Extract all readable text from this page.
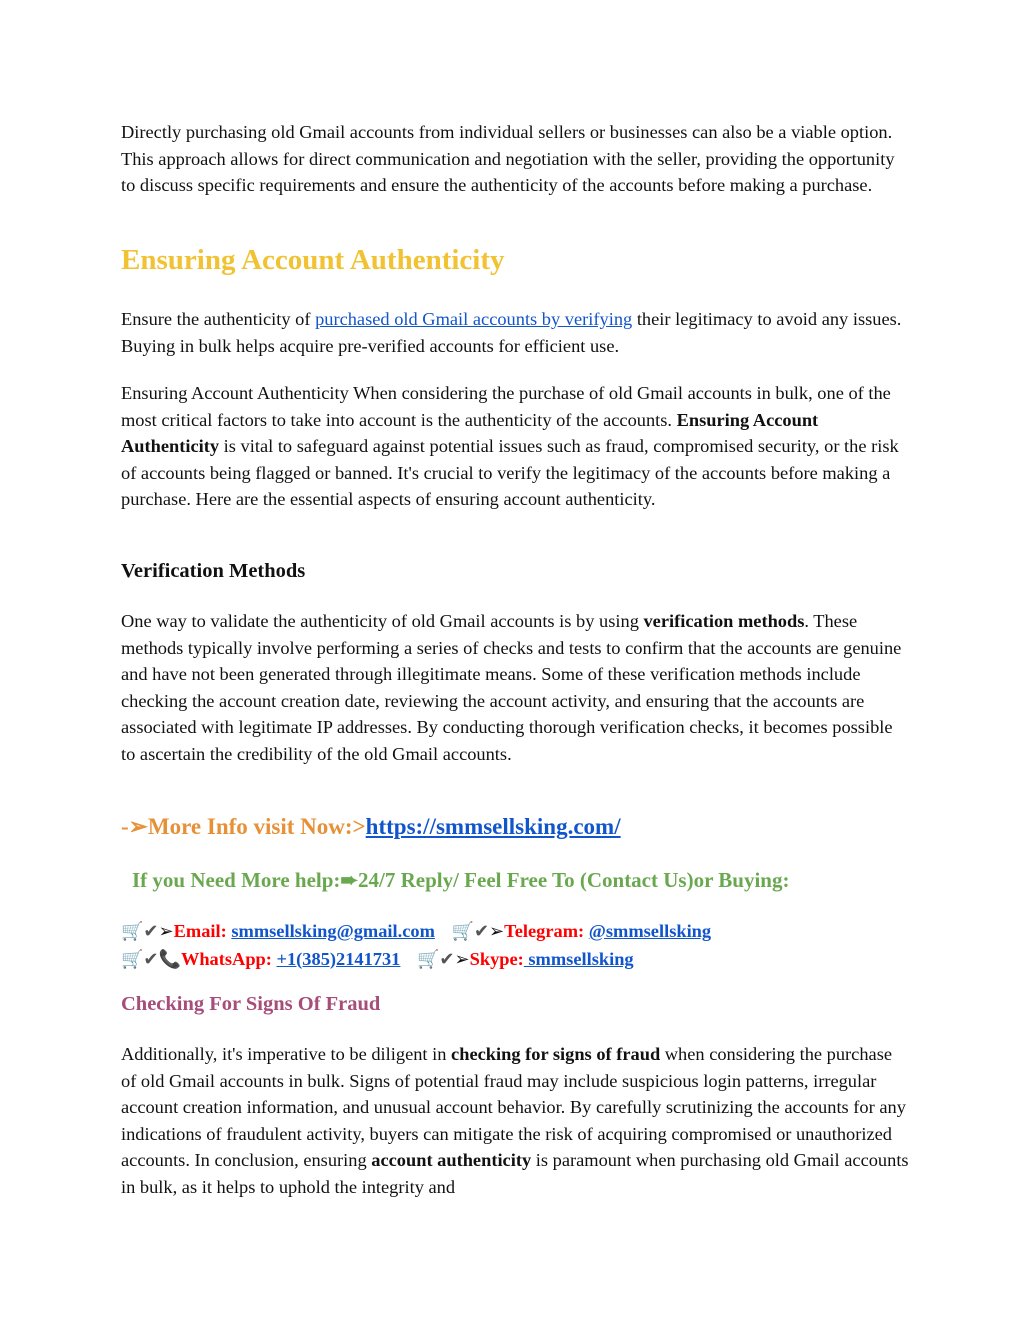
Directly purchasing old Gmail accounts from individual sellers or businesses can also be a viable option. This approach allows for direct communication and negotiation with the seller, providing the opportunity to discuss specific requirements and ensure the authenticity of the accounts before making a purchase.

Ensuring Account Authenticity

Ensure the authenticity of purchased old Gmail accounts by verifying their legitimacy to avoid any issues. Buying in bulk helps acquire pre-verified accounts for efficient use.

Ensuring Account Authenticity When considering the purchase of old Gmail accounts in bulk, one of the most critical factors to take into account is the authenticity of the accounts. Ensuring Account Authenticity is vital to safeguard against potential issues such as fraud, compromised security, or the risk of accounts being flagged or banned. It's crucial to verify the legitimacy of the accounts before making a purchase. Here are the essential aspects of ensuring account authenticity.

Verification Methods

One way to validate the authenticity of old Gmail accounts is by using verification methods. These methods typically involve performing a series of checks and tests to confirm that the accounts are genuine and have not been generated through illegitimate means. Some of these verification methods include checking the account creation date, reviewing the account activity, and ensuring that the accounts are associated with legitimate IP addresses. By conducting thorough verification checks, it becomes possible to ascertain the credibility of the old Gmail accounts.

-➢More Info visit Now:>https://smmsellsking.com/

If you Need More help:➨24/7 Reply/ Feel Free To (Contact Us)or Buying:

🛒✔➢Email: smmsellsking@gmail.com 🛒✔➢Telegram: @smmsellsking
🛒✔📞WhatsApp: +1(385)2141731 🛒✔➢Skype: smmsellsking
Checking For Signs Of Fraud

Additionally, it's imperative to be diligent in checking for signs of fraud when considering the purchase of old Gmail accounts in bulk. Signs of potential fraud may include suspicious login patterns, irregular account creation information, and unusual account behavior. By carefully scrutinizing the accounts for any indications of fraudulent activity, buyers can mitigate the risk of acquiring compromised or unauthorized accounts. In conclusion, ensuring account authenticity is paramount when purchasing old Gmail accounts in bulk, as it helps to uphold the integrity and
